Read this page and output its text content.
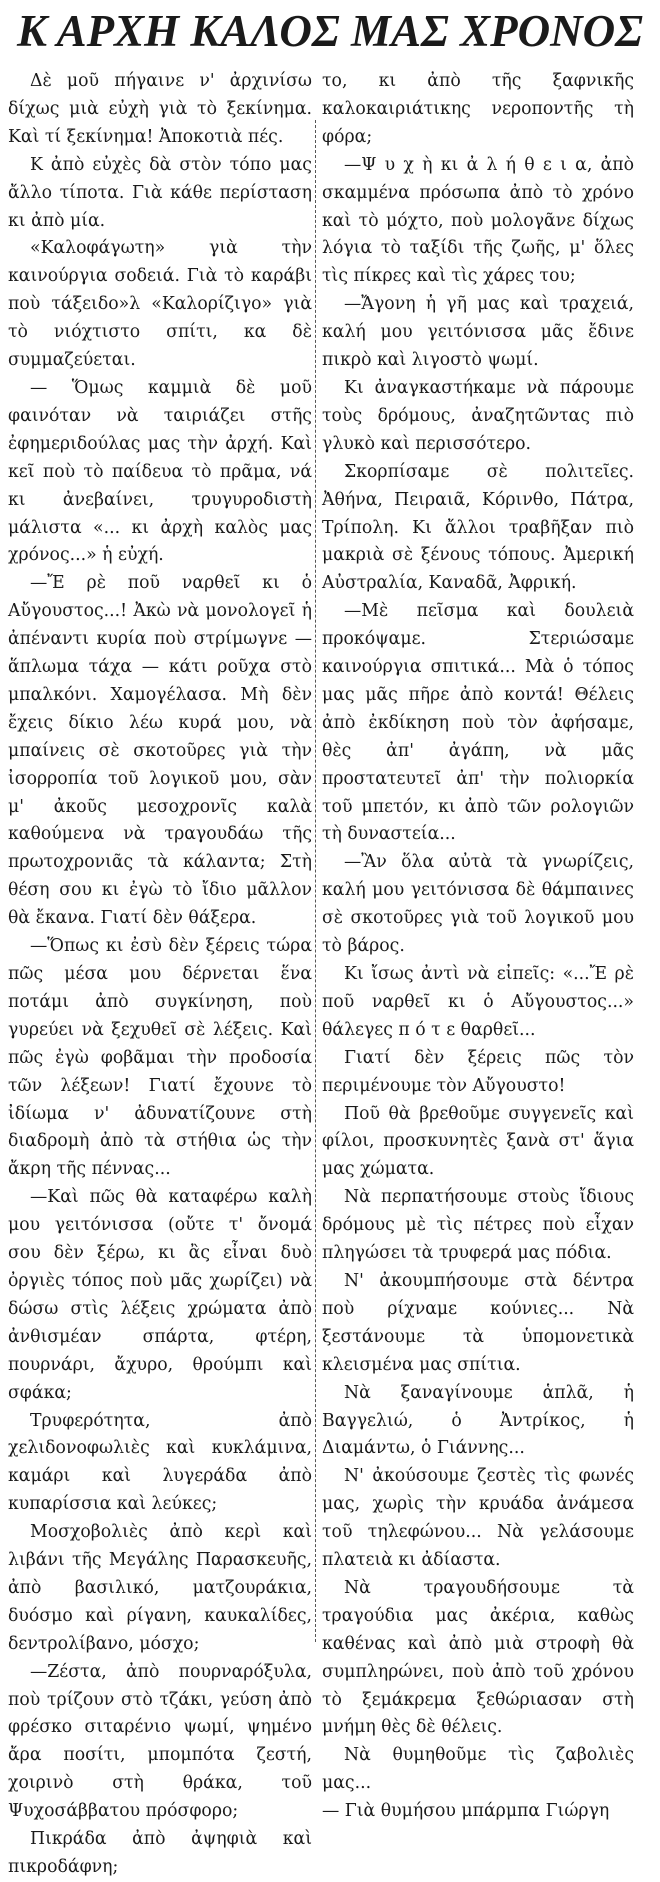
Κ ΑΡΧΗ ΚΑΛΟΣ ΜΑΣ ΧΡΟΝΟΣ

Δὲ μοῦ πήγαινε ν' ἀρχινίσω δίχως μιὰ εὐχὴ γιὰ τὸ ξεκίνημα. Καὶ τί ξεκίνημα! Ἀποκοτιὰ πές.

Κ ἀπὸ εὐχὲς δὰ στὸν τόπο μας ἄλλο τίποτα. Γιὰ κάθε περίσταση κι ἀπὸ μία.

«Καλοφάγωτη» γιὰ τὴν καινούργια σοδειά. Γιὰ τὸ καράβι ποὺ τάξειδο»λ «Καλορίζιγο» γιὰ τὸ νιόχτιστο σπίτι, κα δὲ συμμαζεύεται.

— Ὅμως καμμιὰ δὲ μοῦ φαινόταν νὰ ταιριάζει στῆς ἐφημεριδούλας μας τὴν ἀρχή. Καὶ κεῖ ποὺ τὸ παίδευα τὸ πρᾶμα, νά κι ἀνεβαίνει, τρυγυροδιστὴ μάλιστα «... κι ἀρχὴ καλὸς μας χρόνος...» ἡ εὐχή.

—Ἔ ρὲ ποῦ ναρθεῖ κι ὁ Αὔγουστος...! Ἀκὼ νὰ μονολογεῖ ἡ ἀπέναντι κυρία ποὺ στρίμωγνε — ἅπλωμα τάχα — κάτι ροῦχα στὸ μπαλκόνι. Χαμογέλασα. Μὴ δὲν ἔχεις δίκιο λέω κυρά μου, νὰ μπαίνεις σὲ σκοτοῦρες γιὰ τὴν ἰσορροπία τοῦ λογικοῦ μου, σὰν μ' ἀκοῦς μεσοχρονῖς καλὰ καθούμενα νὰ τραγουδάω τῆς πρωτοχρονιᾶς τὰ κάλαντα; Στὴ θέση σου κι ἐγὼ τὸ ἴδιο μᾶλλον θὰ ἔκανα. Γιατί δὲν θάξερα.

—Ὅπως κι ἐσὺ δὲν ξέρεις τώρα πῶς μέσα μου δέρνεται ἕνα ποτάμι ἀπὸ συγκίνηση, ποὺ γυρεύει νὰ ξεχυθεῖ σὲ λέξεις. Καὶ πῶς ἐγὼ φοβᾶμαι τὴν προδοσία τῶν λέξεων! Γιατί ἔχουνε τὸ ἰδίωμα ν' ἀδυνατίζουνε στὴ διαδρομὴ ἀπὸ τὰ στήθια ὡς τὴν ἄκρη τῆς πέννας...

—Καὶ πῶς θὰ καταφέρω καλὴ μου γειτόνισσα (οὔτε τ' ὄνομά σου δὲν ξέρω, κι ἂς εἶναι δυὸ ὀργιὲς τόπος ποὺ μᾶς χωρίζει) νὰ δώσω στὶς λέξεις χρώματα ἀπὸ ἀνθισμέαν σπάρτα, φτέρη, πουρνάρι, ἄχυρο, θρούμπι καὶ σφάκα;

Τρυφερότητα, ἀπὸ χελιδονοφωλιὲς καὶ κυκλάμινα, καμάρι καὶ λυγεράδα ἀπὸ κυπαρίσσια καὶ λεύκες;

Μοσχοβολιὲς ἀπὸ κερὶ καὶ λιβάνι τῆς Μεγάλης Παρασκευῆς, ἀπὸ βασιλικό, ματζουράκια, δυόσμο καὶ ρίγανη, καυκαλίδες, δεντρολίβανο, μόσχο;

—Ζέστα, ἀπὸ πουρναρόξυλα, ποὺ τρίζουν στὸ τζάκι, γεύση ἀπὸ φρέσκο σιταρένιο ψωμί, ψημένο ἄρα ποσίτι, μπομπότα ζεστή, χοιρινὸ στὴ θράκα, τοῦ Ψυχοσάββατου πρόσφορο;

Πικράδα ἀπὸ ἀψηφιὰ καὶ πικροδάφνη;

το, κι ἀπὸ τῆς ξαφνικῆς καλοκαιριάτικης νεροποντῆς τὴ φόρα;

—Ψ υ χ ὴ κι ἀ λ ή θ ε ι α, ἀπὸ σκαμμένα πρόσωπα ἀπὸ τὸ χρόνο καὶ τὸ μόχτο, ποὺ μολογᾶνε δίχως λόγια τὸ ταξίδι τῆς ζωῆς, μ' ὅλες τὶς πίκρες καὶ τὶς χάρες του;

—Ἄγονη ἡ γῆ μας καὶ τραχειά, καλή μου γειτόνισσα μᾶς ἔδινε πικρὸ καὶ λιγοστὸ ψωμί.

Κι ἀναγκαστήκαμε νὰ πάρουμε τοὺς δρόμους, ἀναζητῶντας πιὸ γλυκὸ καὶ περισσότερο.

Σκορπίσαμε σὲ πολιτεῖες. Ἀθήνα, Πειραιᾶ, Κόρινθο, Πάτρα, Τρίπολη. Κι ἄλλοι τραβῆξαν πιὸ μακριὰ σὲ ξένους τόπους. Ἀμερική Αὐστραλία, Καναδᾶ, Ἀφρική.

—Μὲ πεῖσμα καὶ δουλειὰ προκόψαμε. Στεριώσαμε καινούργια σπιτικά... Μὰ ὁ τόπος μας μᾶς πῆρε ἀπὸ κοντά! Θέλεις ἀπὸ ἐκδίκηση ποὺ τὸν ἀφήσαμε, θὲς ἀπ' ἀγάπη, νὰ μᾶς προστατευτεῖ ἀπ' τὴν πολιορκία τοῦ μπετόν, κι ἀπὸ τῶν ρολογιῶν τὴ δυναστεία...

—Ἂν ὅλα αὐτὰ τὰ γνωρίζεις, καλή μου γειτόνισσα δὲ θάμπαινες σὲ σκοτοῦρες γιὰ τοῦ λογικοῦ μου τὸ βάρος.

Κι ἴσως ἀντὶ νὰ εἰπεῖς: «...Ἔ ρὲ ποῦ ναρθεῖ κι ὁ Αὔγουστος...» θάλεγες π ό τ ε θαρθεῖ...

Γιατί δὲν ξέρεις πῶς τὸν περιμένουμε τὸν Αὔγουστο!

Ποῦ θὰ βρεθοῦμε συγγενεῖς καὶ φίλοι, προσκυνητὲς ξανὰ στ' ἅγια μας χώματα.

Νὰ περπατήσουμε στοὺς ἴδιους δρόμους μὲ τὶς πέτρες ποὺ εἶχαν πληγώσει τὰ τρυφερά μας πόδια.

Ν' ἀκουμπήσουμε στὰ δέντρα ποὺ ρίχναμε κούνιες... Νὰ ξεστάνουμε τὰ ὑπομονετικὰ κλεισμένα μας σπίτια.

Νὰ ξαναγίνουμε ἁπλᾶ, ἡ Βαγγελιώ, ὁ Ἀντρίκος, ἡ Διαμάντω, ὁ Γιάννης...

Ν' ἀκούσουμε ζεστὲς τὶς φωνές μας, χωρὶς τὴν κρυάδα ἀνάμεσα τοῦ τηλεφώνου... Νὰ γελάσουμε πλατειὰ κι ἀδίαστα.

Νὰ τραγουδήσουμε τὰ τραγούδια μας ἀκέρια, καθὼς καθένας καὶ ἀπὸ μιὰ στροφὴ θὰ συμπληρώνει, ποὺ ἀπὸ τοῦ χρόνου τὸ ξεμάκρεμα ξεθώριασαν στὴ μνήμη θὲς δὲ θέλεις.

Νὰ θυμηθοῦμε τὶς ζαβολιὲς μας...

— Γιὰ θυμήσου μπάρμπα Γιώργη
